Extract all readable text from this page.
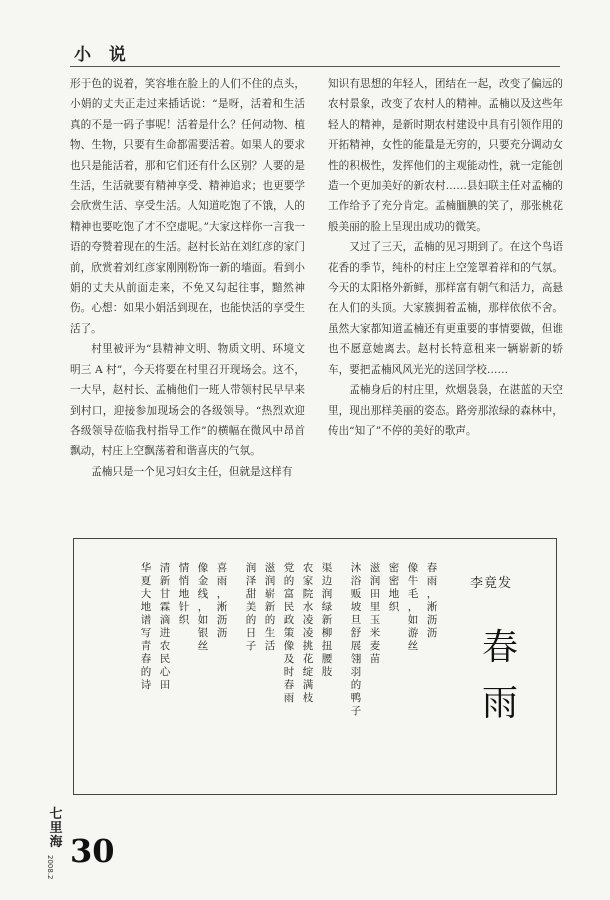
小 说

形于色的说着，笑容堆在脸上的人们不住的点头，小娟的丈夫正走过来插话说：“是呀，活着和生活真的不是一码子事呢！活着是什么？任何动物、植物、生物，只要有生命都需要活着。如果人的要求也只是能活着，那和它们还有什么区别？人要的是生活，生活就要有精神享受、精神追求；也更要学会欣赏生活、享受生活。人知道吃饱了不饿，人的精神也要吃饱了才不空虚呢。”大家这样你一言我一语的夸赞着现在的生活。赵村长站在刘红彦的家门前，欣赏着刘红彦家刚刚粉饰一新的墙面。看到小娟的丈夫从前面走来，不免又勾起往事，黯然神伤。心想：如果小娟活到现在，也能快活的享受生活了。

村里被评为“县精神文明、物质文明、环境文明三 A 村”，今天将要在村里召开现场会。这不，一大早，赵村长、孟楠他们一班人带领村民早早来到村口，迎接参加现场会的各级领导。“热烈欢迎各级领导莅临我村指导工作”的横幅在微风中昂首飘动，村庄上空飘荡着和谐喜庆的气氛。

孟楠只是一个见习妇女主任，但就是这样有

知识有思想的年轻人，团结在一起，改变了偏远的农村景象，改变了农村人的精神。孟楠以及这些年轻人的精神，是新时期农村建设中具有引领作用的开拓精神，女性的能量是无穷的，只要充分调动女性的积极性，发挥他们的主观能动性，就一定能创造一个更加美好的新农村……县妇联主任对孟楠的工作给予了充分肯定。孟楠腼腆的笑了，那张桃花般美丽的脸上呈现出成功的微笑。

又过了三天，孟楠的见习期到了。在这个鸟语花香的季节，纯朴的村庄上空笼罩着祥和的气氛。今天的太阳格外新鲜，那样富有朝气和活力，高悬在人们的头顶。大家簇拥着孟楠，那样依依不舍。虽然大家都知道孟楠还有更重要的事情要做，但谁也不愿意她离去。赵村长特意租来一辆崭新的轿车，要把孟楠风风光光的送回学校……

孟楠身后的村庄里，炊烟袅袅，在湛蓝的天空里，现出那样美丽的姿态。路旁那浓绿的森林中，传出“知了”不停的美好的歌声。

李竟发
春
雨
春
雨
，
淅
沥
沥
像
牛
毛
，
如
游
丝
密
密
地
织
滋
润
田
里
玉
米
麦
苗
沐
浴
贩
坡
旦
舒
展
翎
羽
的
鸭
子
渠
边
润
绿
新
柳
扭
腰
肢
农
家
院
水
凌
凌
挑
花
绽
满
枝
党
的
富
民
政
策
像
及
时
春
雨
滋
润
崭
新
的
生
活
润
泽
甜
美
的
日
子
喜
雨
，
淅
沥
沥
像
金
线
，
如
银
丝
情
悄
地
针
织
清
新
甘
霖
滴
进
农
民
心
田
华
夏
大
地
谱
写
青
春
的
诗
七
里
海
2008.2 30
